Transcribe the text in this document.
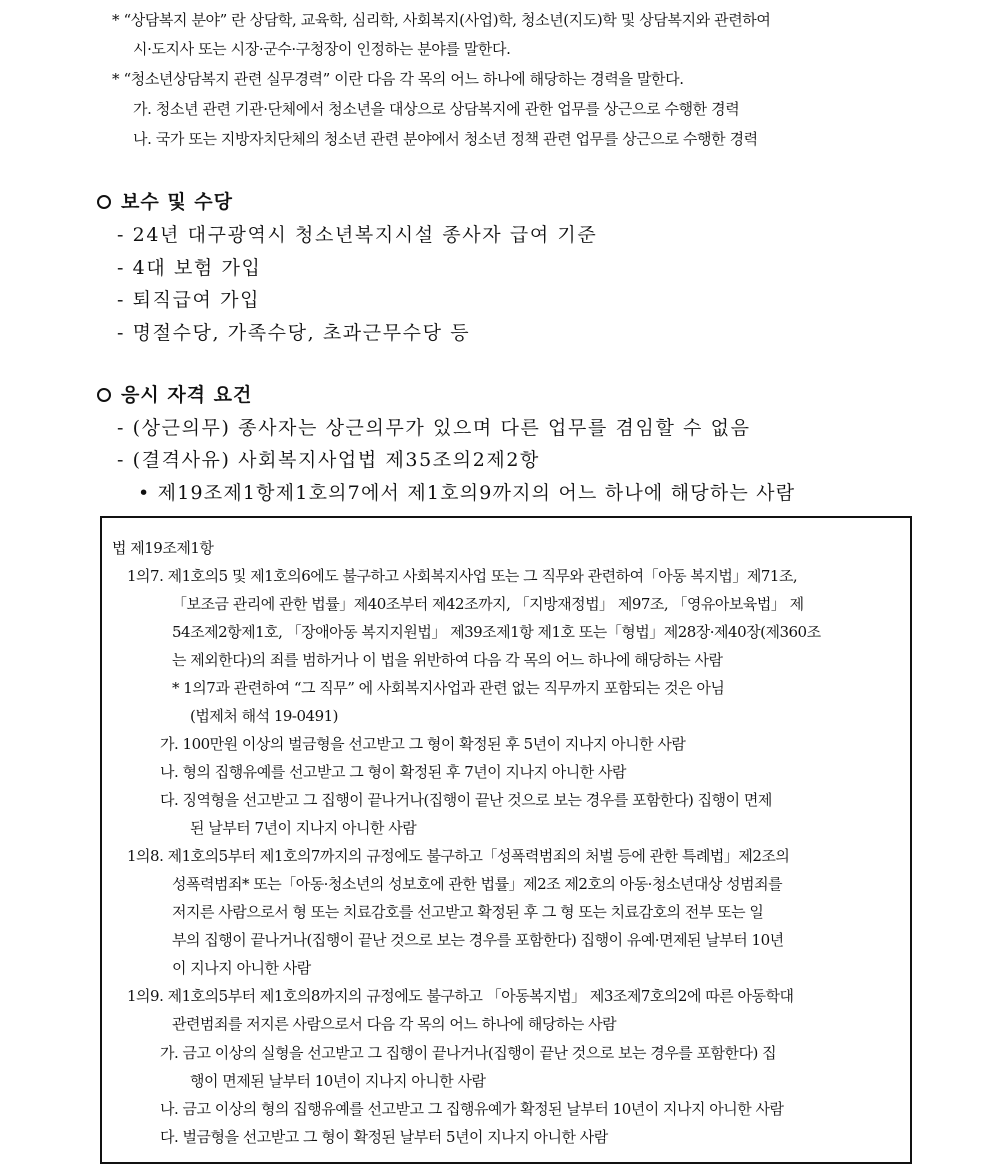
* “상담복지 분야” 란 상담학, 교육학, 심리학, 사회복지(사업)학, 청소년(지도)학 및 상담복지와 관련하여
시·도지사 또는 시장·군수·구청장이 인정하는 분야를 말한다.
* “청소년상담복지 관련 실무경력” 이란 다음 각 목의 어느 하나에 해당하는 경력을 말한다.
가. 청소년 관련 기관·단체에서 청소년을 대상으로 상담복지에 관한 업무를 상근으로 수행한 경력
나. 국가 또는 지방자치단체의 청소년 관련 분야에서 청소년 정책 관련 업무를 상근으로 수행한 경력
보수 및 수당
- 24년 대구광역시 청소년복지시설 종사자 급여 기준
- 4대 보험 가입
- 퇴직급여 가입
- 명절수당, 가족수당, 초과근무수당 등
응시 자격 요건
- (상근의무) 종사자는 상근의무가 있으며 다른 업무를 겸임할 수 없음
- (결격사유) 사회복지사업법 제35조의2제2항
• 제19조제1항제1호의7에서 제1호의9까지의 어느 하나에 해당하는 사람
법 제19조제1항
1의7. 제1호의5 및 제1호의6에도 불구하고 사회복지사업 또는 그 직무와 관련하여「아동 복지법」제71조,
「보조금 관리에 관한 법률」제40조부터 제42조까지, 「지방재정법」 제97조, 「영유아보육법」 제
54조제2항제1호, 「장애아동 복지지원법」 제39조제1항 제1호 또는「형법」제28장·제40장(제360조
는 제외한다)의 죄를 범하거나 이 법을 위반하여 다음 각 목의 어느 하나에 해당하는 사람
* 1의7과 관련하여 “그 직무” 에 사회복지사업과 관련 없는 직무까지 포함되는 것은 아님
(법제처 해석 19-0491)
가. 100만원 이상의 벌금형을 선고받고 그 형이 확정된 후 5년이 지나지 아니한 사람
나. 형의 집행유예를 선고받고 그 형이 확정된 후 7년이 지나지 아니한 사람
다. 징역형을 선고받고 그 집행이 끝나거나(집행이 끝난 것으로 보는 경우를 포함한다) 집행이 면제
된 날부터 7년이 지나지 아니한 사람
1의8. 제1호의5부터 제1호의7까지의 규정에도 불구하고「성폭력범죄의 처벌 등에 관한 특례법」제2조의
성폭력범죄* 또는「아동·청소년의 성보호에 관한 법률」제2조 제2호의 아동·청소년대상 성범죄를
저지른 사람으로서 형 또는 치료감호를 선고받고 확정된 후 그 형 또는 치료감호의 전부 또는 일
부의 집행이 끝나거나(집행이 끝난 것으로 보는 경우를 포함한다) 집행이 유예·면제된 날부터 10년
이 지나지 아니한 사람
1의9. 제1호의5부터 제1호의8까지의 규정에도 불구하고 「아동복지법」 제3조제7호의2에 따른 아동학대
관련범죄를 저지른 사람으로서 다음 각 목의 어느 하나에 해당하는 사람
가. 금고 이상의 실형을 선고받고 그 집행이 끝나거나(집행이 끝난 것으로 보는 경우를 포함한다) 집
행이 면제된 날부터 10년이 지나지 아니한 사람
나. 금고 이상의 형의 집행유예를 선고받고 그 집행유예가 확정된 날부터 10년이 지나지 아니한 사람
다. 벌금형을 선고받고 그 형이 확정된 날부터 5년이 지나지 아니한 사람
